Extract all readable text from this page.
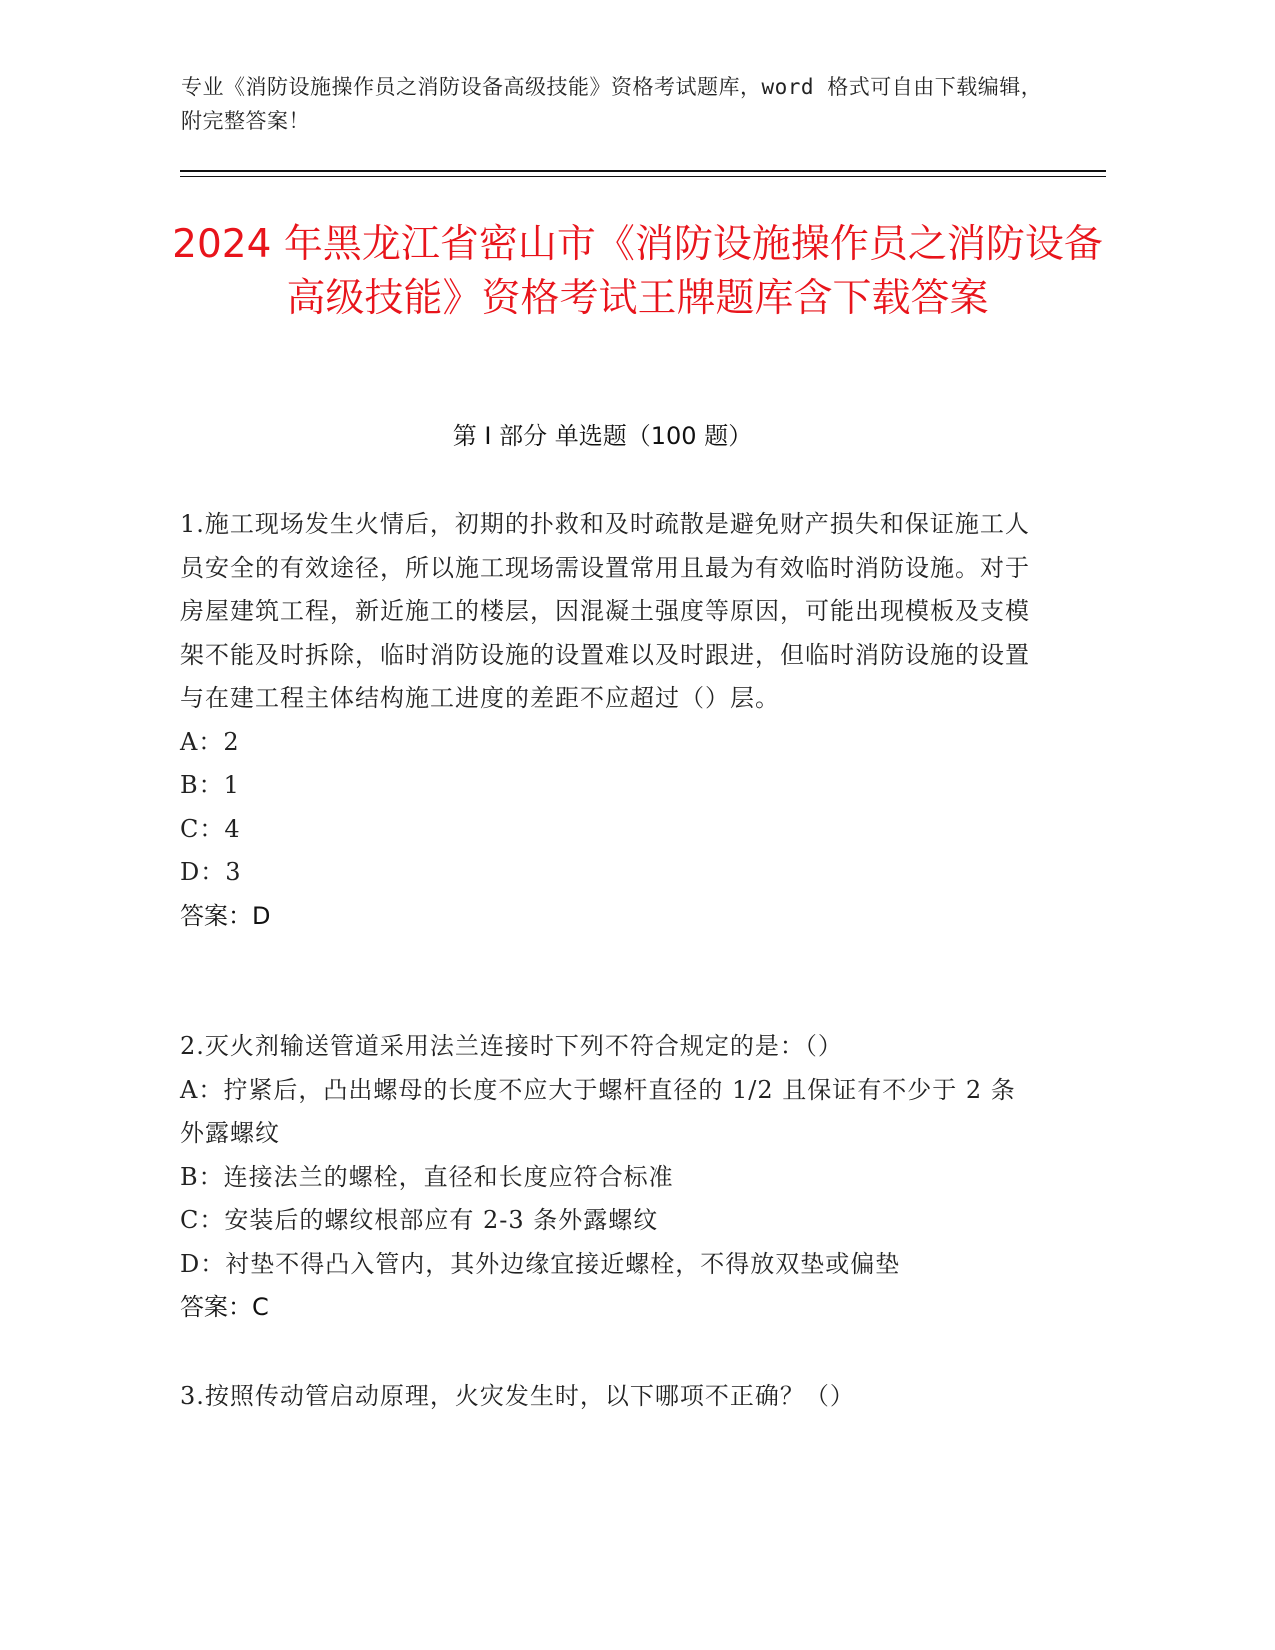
专业《消防设施操作员之消防设备高级技能》资格考试题库，word 格式可自由下载编辑，附完整答案！
2024 年黑龙江省密山市《消防设施操作员之消防设备高级技能》资格考试王牌题库含下载答案
第 I 部分 单选题（100 题）

1.施工现场发生火情后，初期的扑救和及时疏散是避免财产损失和保证施工人员安全的有效途径，所以施工现场需设置常用且最为有效临时消防设施。对于房屋建筑工程，新近施工的楼层，因混凝土强度等原因，可能出现模板及支模架不能及时拆除，临时消防设施的设置难以及时跟进，但临时消防设施的设置与在建工程主体结构施工进度的差距不应超过（）层。

A：2

B：1

C：4

D：3

答案：D

2.灭火剂输送管道采用法兰连接时下列不符合规定的是：（）

A：拧紧后，凸出螺母的长度不应大于螺杆直径的 1/2 且保证有不少于 2 条外露螺纹

B：连接法兰的螺栓，直径和长度应符合标准

C：安装后的螺纹根部应有 2-3 条外露螺纹

D：衬垫不得凸入管内，其外边缘宜接近螺栓，不得放双垫或偏垫

答案：C

3.按照传动管启动原理，火灾发生时，以下哪项不正确？（）
